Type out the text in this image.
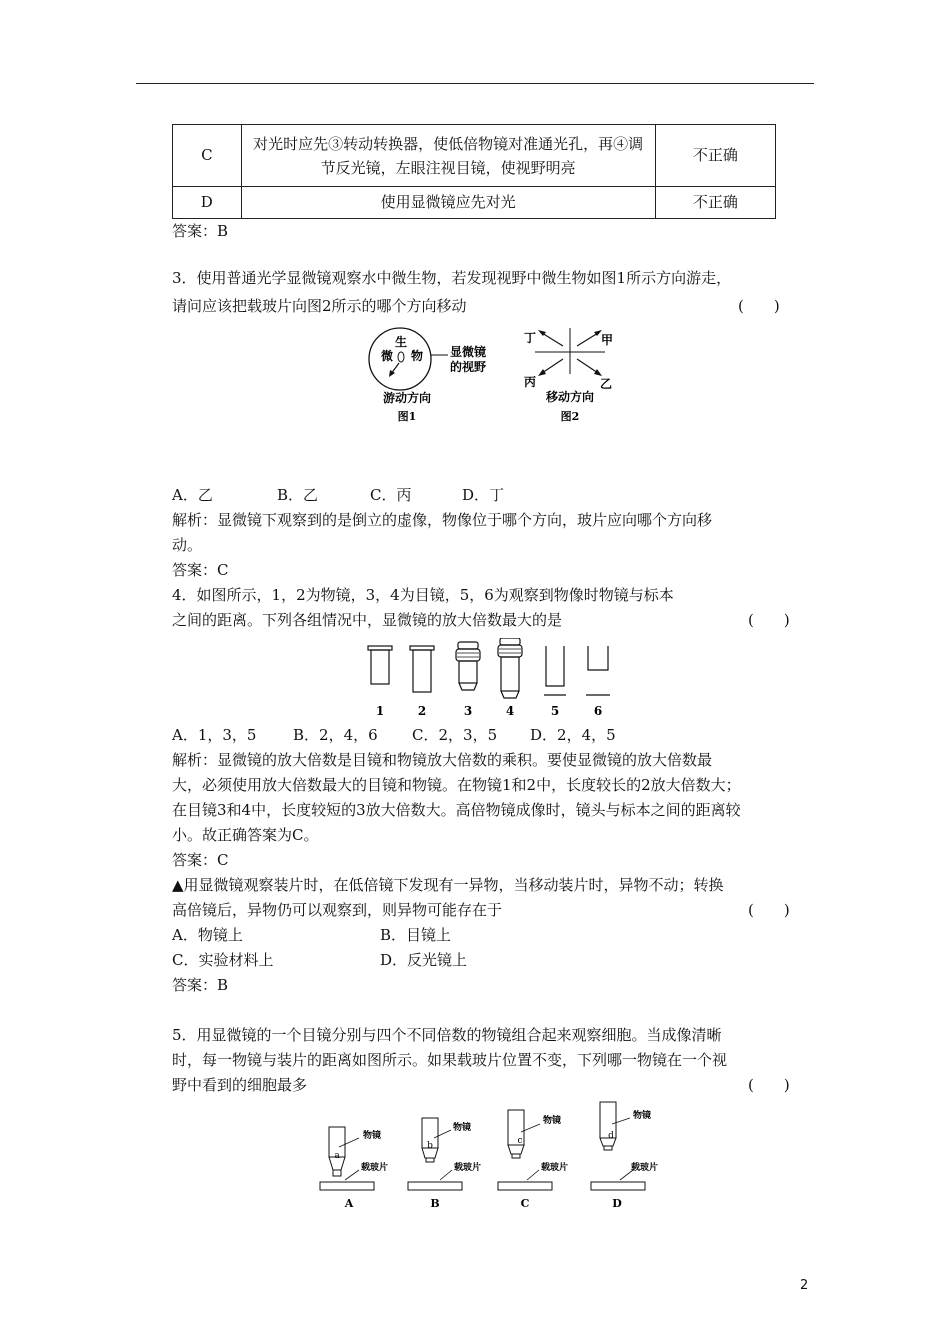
C	对光时应先③转动转换器，使低倍物镜对准通光孔，再④调节反光镜，左眼注视目镜，使视野明亮	不正确
D	使用显微镜应先对光	不正确
答案：B
3．使用普通光学显微镜观察水中微生物，若发现视野中微生物如图1所示方向游走，
请问应该把载玻片向图2所示的哪个方向移动	(　　)
生
微 物 显微镜
的视野
游动方向
图1
丁	甲
丙	乙
移动方向
图2
A．乙	B．乙	C．丙	D．丁
解析：显微镜下观察到的是倒立的虚像，物像位于哪个方向，玻片应向哪个方向移
动。
答案：C
4．如图所示，1，2为物镜，3，4为目镜，5，6为观察到物像时物镜与标本
之间的距离。下列各组情况中，显微镜的放大倍数最大的是	(　　)
1	2	3	4	5	6
A．1，3，5 B．2，4，6 C．2，3，5 D．2，4，5
解析：显微镜的放大倍数是目镜和物镜放大倍数的乘积。要使显微镜的放大倍数最
大，必须使用放大倍数最大的目镜和物镜。在物镜1和2中，长度较长的2放大倍数大；
在目镜3和4中，长度较短的3放大倍数大。高倍物镜成像时，镜头与标本之间的距离较
小。故正确答案为C。
答案：C
▲用显微镜观察装片时，在低倍镜下发现有一异物，当移动装片时，异物不动；转换
高倍镜后，异物仍可以观察到，则异物可能存在于	(　　)
A．物镜上	B．目镜上
C．实验材料上	D．反光镜上
答案：B
5．用显微镜的一个目镜分别与四个不同倍数的物镜组合起来观察细胞。当成像清晰
时，每一物镜与装片的距离如图所示。如果载玻片位置不变，下列哪一物镜在一个视
野中看到的细胞最多	(　　)
a
b	c	d
物镜
物镜
物镜	物镜
载玻片	载玻片	载玻片	载玻片
A	B	C	D
2
